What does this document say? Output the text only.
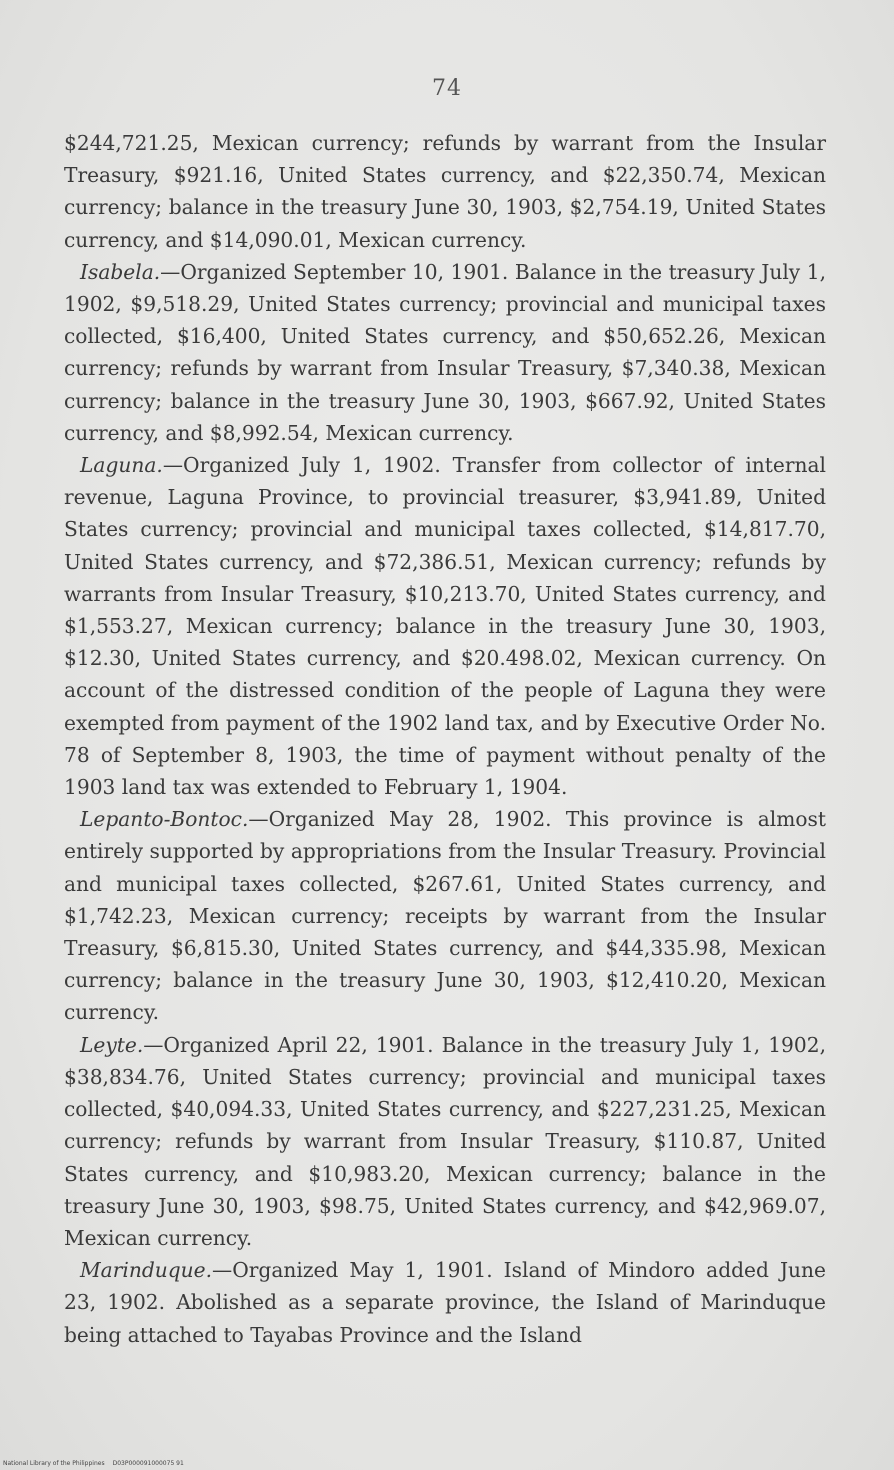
74

$244,721.25, Mexican currency; refunds by warrant from the Insular Treasury, $921.16, United States currency, and $22,350.74, Mexican currency; balance in the treasury June 30, 1903, $2,754.19, United States currency, and $14,090.01, Mexican currency.

Isabela.—Organized September 10, 1901. Balance in the treasury July 1, 1902, $9,518.29, United States currency; provincial and municipal taxes collected, $16,400, United States currency, and $50,652.26, Mexican currency; refunds by warrant from Insular Treasury, $7,340.38, Mexican currency; balance in the treasury June 30, 1903, $667.92, United States currency, and $8,992.54, Mexican currency.

Laguna.—Organized July 1, 1902. Transfer from collector of internal revenue, Laguna Province, to provincial treasurer, $3,941.89, United States currency; provincial and municipal taxes collected, $14,817.70, United States currency, and $72,386.51, Mexican currency; refunds by warrants from Insular Treasury, $10,213.70, United States currency, and $1,553.27, Mexican currency; balance in the treasury June 30, 1903, $12.30, United States currency, and $20.498.02, Mexican currency. On account of the distressed condition of the people of Laguna they were exempted from payment of the 1902 land tax, and by Executive Order No. 78 of September 8, 1903, the time of payment without penalty of the 1903 land tax was extended to February 1, 1904.

Lepanto-Bontoc.—Organized May 28, 1902. This province is almost entirely supported by appropriations from the Insular Treasury. Provincial and municipal taxes collected, $267.61, United States currency, and $1,742.23, Mexican currency; receipts by warrant from the Insular Treasury, $6,815.30, United States currency, and $44,335.98, Mexican currency; balance in the treasury June 30, 1903, $12,410.20, Mexican currency.

Leyte.—Organized April 22, 1901. Balance in the treasury July 1, 1902, $38,834.76, United States currency; provincial and municipal taxes collected, $40,094.33, United States currency, and $227,231.25, Mexican currency; refunds by warrant from Insular Treasury, $110.87, United States currency, and $10,983.20, Mexican currency; balance in the treasury June 30, 1903, $98.75, United States currency, and $42,969.07, Mexican currency.

Marinduque.—Organized May 1, 1901. Island of Mindoro added June 23, 1902. Abolished as a separate province, the Island of Marinduque being attached to Tayabas Province and the Island

National Library of the Philippines D03P000091000075 91
